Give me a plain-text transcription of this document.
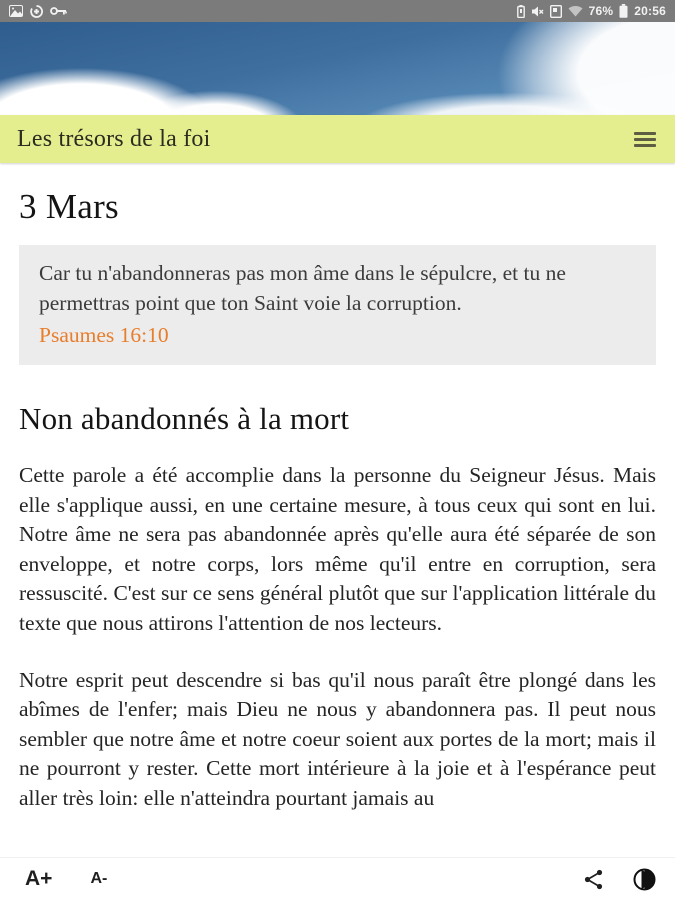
76% 20:56
Les trésors de la foi
3 Mars
Car tu n'abandonneras pas mon âme dans le sépulcre, et tu ne permettras point que ton Saint voie la corruption.
Psaumes 16:10
Non abandonnés à la mort

Cette parole a été accomplie dans la personne du Seigneur Jésus. Mais elle s'applique aussi, en une certaine mesure, à tous ceux qui sont en lui. Notre âme ne sera pas abandonnée après qu'elle aura été séparée de son enveloppe, et notre corps, lors même qu'il entre en corruption, sera ressuscité. C'est sur ce sens général plutôt que sur l'application littérale du texte que nous attirons l'attention de nos lecteurs.

Notre esprit peut descendre si bas qu'il nous paraît être plongé dans les abîmes de l'enfer; mais Dieu ne nous y abandonnera pas. Il peut nous sembler que notre âme et notre coeur soient aux portes de la mort; mais il ne pourront y rester. Cette mort intérieure à la joie et à l'espérance peut aller très loin: elle n'atteindra pourtant jamais au

A+	A-
